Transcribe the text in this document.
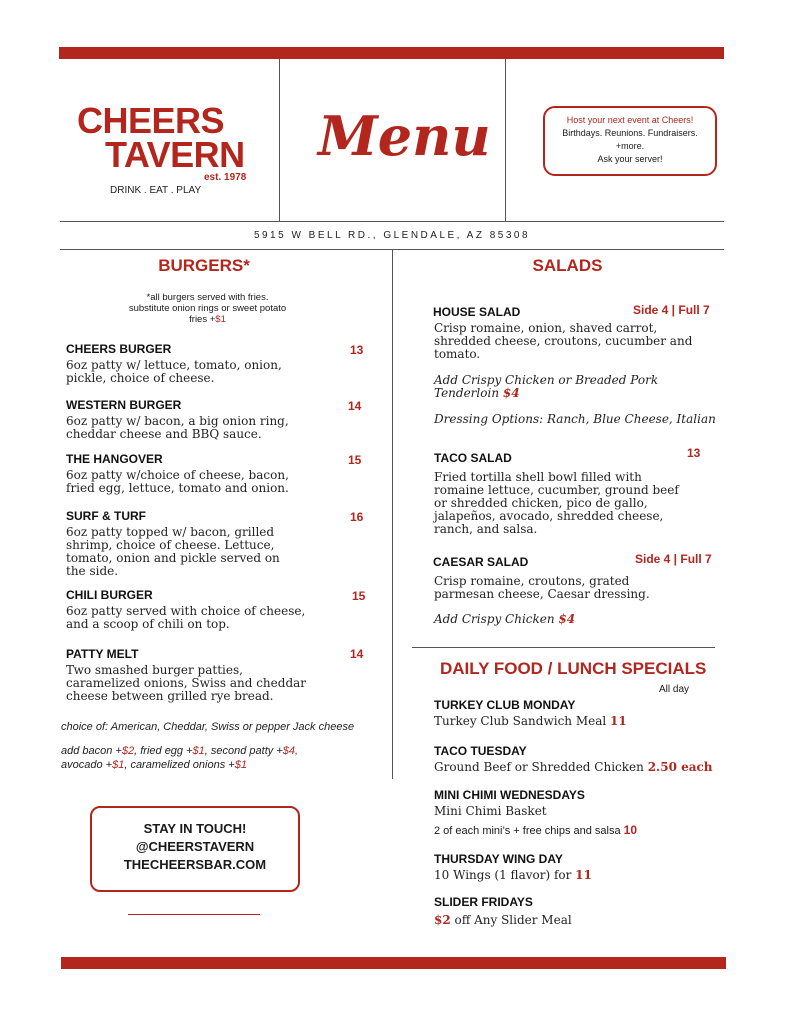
CHEERS
TAVERN
est. 1978
DRINK . EAT . PLAY
Menu	Host your next event at Cheers!
Birthdays. Reunions. Fundraisers.
+more.
Ask your server!
5915 W BELL RD., GLENDALE, AZ 85308
BURGERS*
*all burgers served with fries.
substitute onion rings or sweet potato
fries +$1
CHEERS BURGER	13
6oz patty w/ lettuce, tomato, onion,
pickle, choice of cheese.
WESTERN BURGER	14
6oz patty w/ bacon, a big onion ring,
cheddar cheese and BBQ sauce.
THE HANGOVER	15
6oz patty w/choice of cheese, bacon,
fried egg, lettuce, tomato and onion.
SURF & TURF	16
6oz patty topped w/ bacon, grilled
shrimp, choice of cheese. Lettuce,
tomato, onion and pickle served on
the side.
CHILI BURGER	15
6oz patty served with choice of cheese,
and a scoop of chili on top.
PATTY MELT	14
Two smashed burger patties,
caramelized onions, Swiss and cheddar
cheese between grilled rye bread.
choice of: American, Cheddar, Swiss or pepper Jack cheese
add bacon +$2, fried egg +$1, second patty +$4,
avocado +$1, caramelized onions +$1
STAY IN TOUCH!
@CHEERSTAVERN
THECHEERSBAR.COM
SALADS
HOUSE SALAD	Side 4 | Full 7
Crisp romaine, onion, shaved carrot,
shredded cheese, croutons, cucumber and
tomato.
Add Crispy Chicken or Breaded Pork
Tenderloin $4
Dressing Options: Ranch, Blue Cheese, Italian
TACO SALAD	13
Fried tortilla shell bowl filled with
romaine lettuce, cucumber, ground beef
or shredded chicken, pico de gallo,
jalapeños, avocado, shredded cheese,
ranch, and salsa.
CAESAR SALAD	Side 4 | Full 7
Crisp romaine, croutons, grated
parmesan cheese, Caesar dressing.
Add Crispy Chicken $4
DAILY FOOD / LUNCH SPECIALS
All day
TURKEY CLUB MONDAY
Turkey Club Sandwich Meal 11
TACO TUESDAY
Ground Beef or Shredded Chicken 2.50 each
MINI CHIMI WEDNESDAYS
Mini Chimi Basket
2 of each mini’s + free chips and salsa 10
THURSDAY WING DAY
10 Wings (1 flavor) for 11
SLIDER FRIDAYS
$2 off Any Slider Meal
